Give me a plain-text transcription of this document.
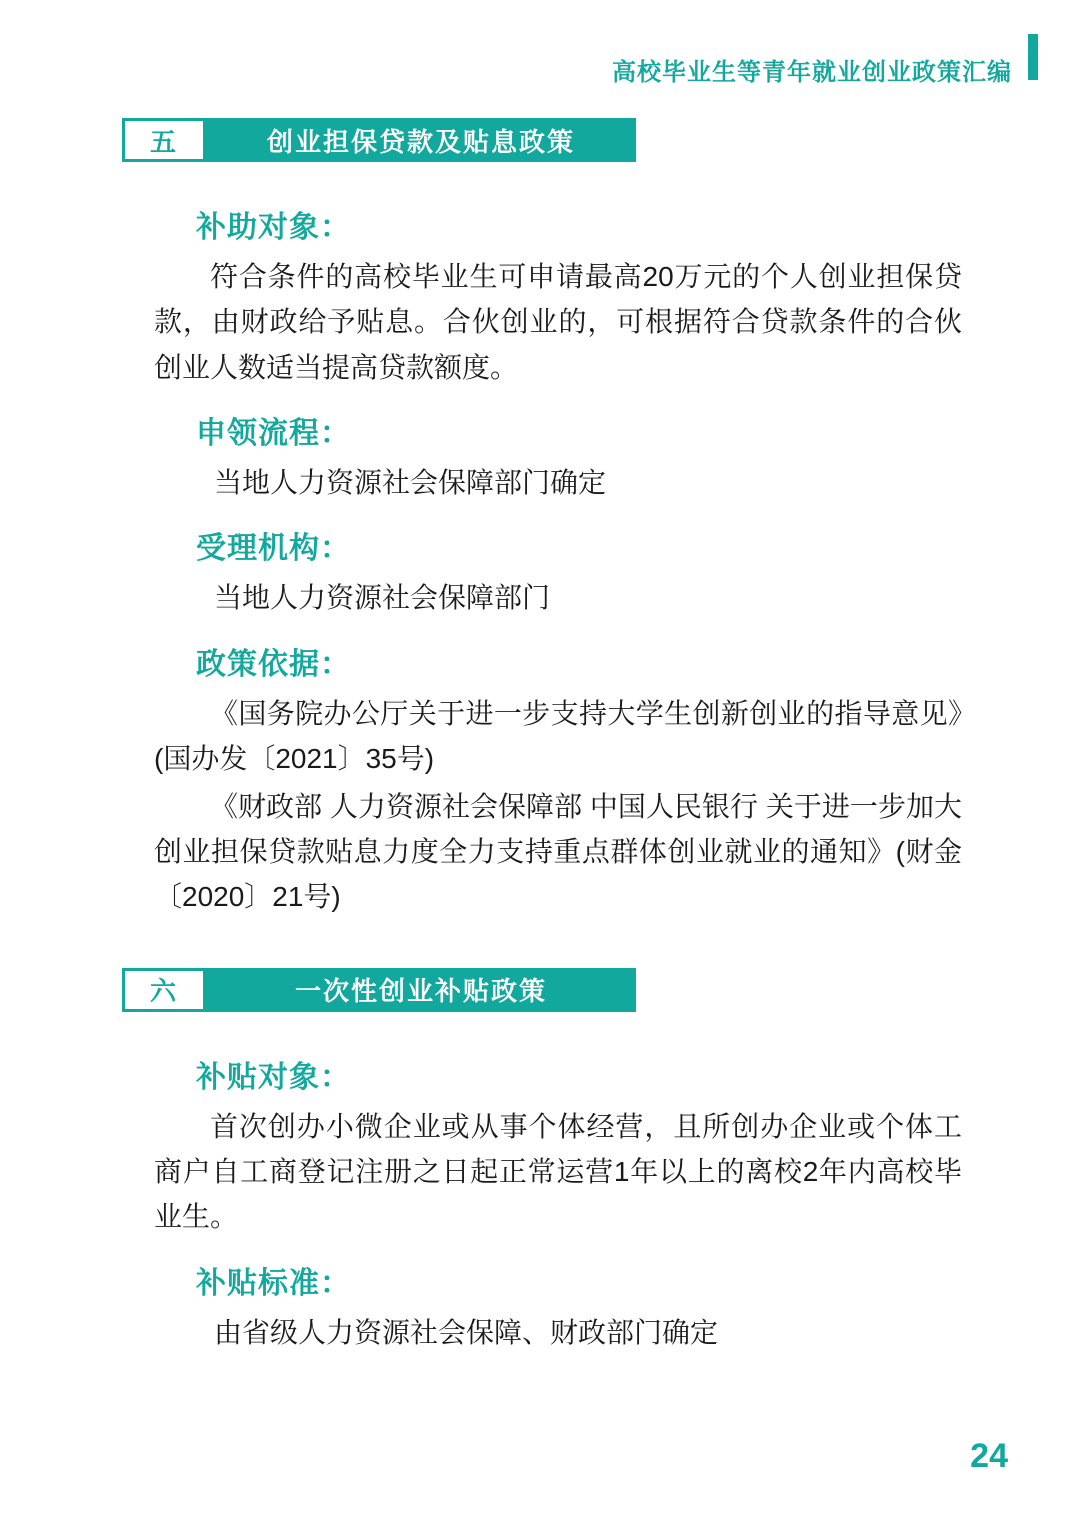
高校毕业生等青年就业创业政策汇编
五	创业担保贷款及贴息政策
补助对象：

符合条件的高校毕业生可申请最高20万元的个人创业担保贷款，由财政给予贴息。合伙创业的，可根据符合贷款条件的合伙创业人数适当提高贷款额度。

申领流程：

当地人力资源社会保障部门确定

受理机构：

当地人力资源社会保障部门

政策依据：

《国务院办公厅关于进一步支持大学生创新创业的指导意见》(国办发〔2021〕35号)

《财政部 人力资源社会保障部 中国人民银行 关于进一步加大创业担保贷款贴息力度全力支持重点群体创业就业的通知》(财金〔2020〕21号)

六	一次性创业补贴政策
补贴对象：

首次创办小微企业或从事个体经营，且所创办企业或个体工商户自工商登记注册之日起正常运营1年以上的离校2年内高校毕业生。

补贴标准：

由省级人力资源社会保障、财政部门确定

24
